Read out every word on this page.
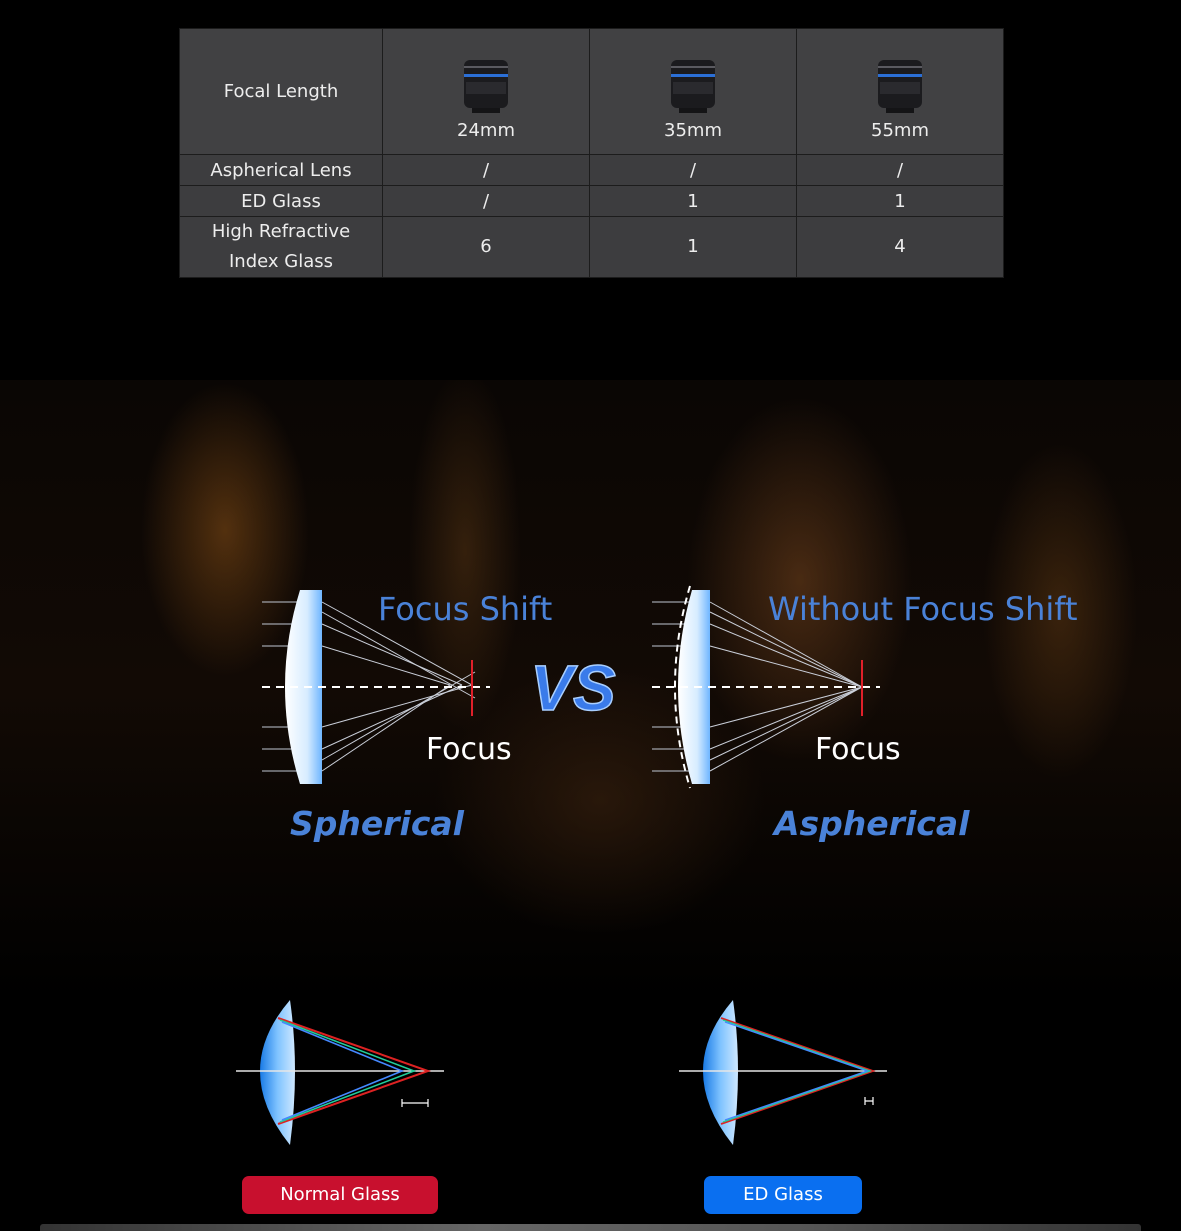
Focal Length	24mm	35mm	55mm

Aspherical Lens	/	/	/
ED Glass	/	1	1
High Refractive
Index Glass	6	1	4
VS
Focus Shift
Focus
Spherical
Without Focus Shift
Focus
Aspherical
Normal Glass	ED Glass
